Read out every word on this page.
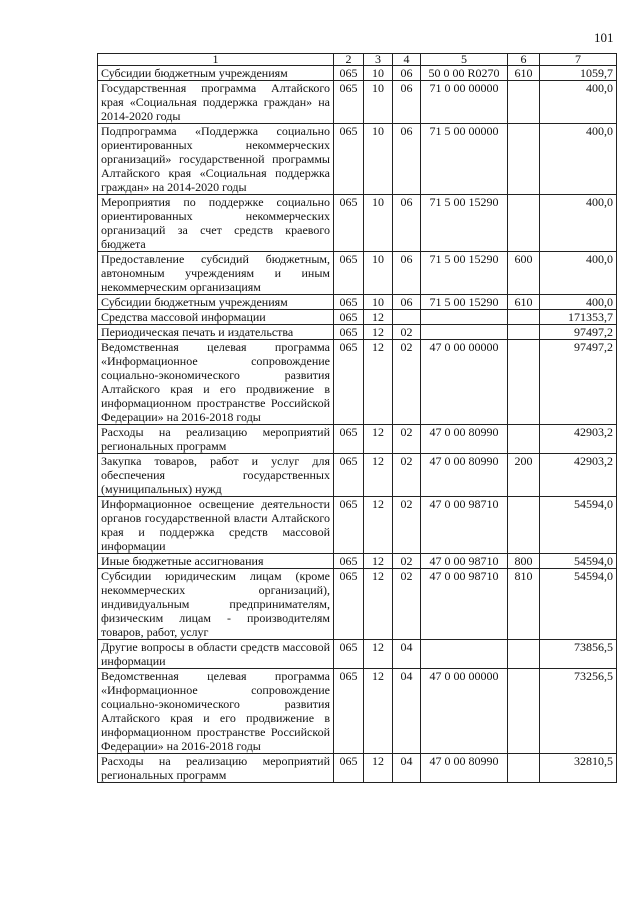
101
1	2	3	4	5	6	7
Субсидии бюджетным учреждениям	065	10	06	50 0 00 R0270	610	1059,7
Государственная программа Алтайского края «Социальная поддержка граждан» на 2014-2020 годы	065	10	06	71 0 00 00000		400,0
Подпрограмма «Поддержка социально ориентированных некоммерческих организаций» государственной программы Алтайского края «Социальная поддержка граждан» на 2014-2020 годы	065	10	06	71 5 00 00000		400,0
Мероприятия по поддержке социально ориентированных некоммерческих организаций за счет средств краевого бюджета	065	10	06	71 5 00 15290		400,0
Предоставление субсидий бюджетным, автономным учреждениям и иным некоммерческим организациям	065	10	06	71 5 00 15290	600	400,0
Субсидии бюджетным учреждениям	065	10	06	71 5 00 15290	610	400,0
Средства массовой информации	065	12				171353,7
Периодическая печать и издательства	065	12	02			97497,2
Ведомственная целевая программа «Информационное сопровождение социально-экономического развития Алтайского края и его продвижение в информационном пространстве Российской Федерации» на 2016-2018 годы	065	12	02	47 0 00 00000		97497,2
Расходы на реализацию мероприятий региональных программ	065	12	02	47 0 00 80990		42903,2
Закупка товаров, работ и услуг для обеспечения государственных (муниципальных) нужд	065	12	02	47 0 00 80990	200	42903,2
Информационное освещение деятельности органов государственной власти Алтайского края и поддержка средств массовой информации	065	12	02	47 0 00 98710		54594,0
Иные бюджетные ассигнования	065	12	02	47 0 00 98710	800	54594,0
Субсидии юридическим лицам (кроме некоммерческих организаций), индивидуальным предпринимателям, физическим лицам - производителям товаров, работ, услуг	065	12	02	47 0 00 98710	810	54594,0
Другие вопросы в области средств массовой информации	065	12	04			73856,5
Ведомственная целевая программа «Информационное сопровождение социально-экономического развития Алтайского края и его продвижение в информационном пространстве Российской Федерации» на 2016-2018 годы	065	12	04	47 0 00 00000		73256,5
Расходы на реализацию мероприятий региональных программ	065	12	04	47 0 00 80990		32810,5
